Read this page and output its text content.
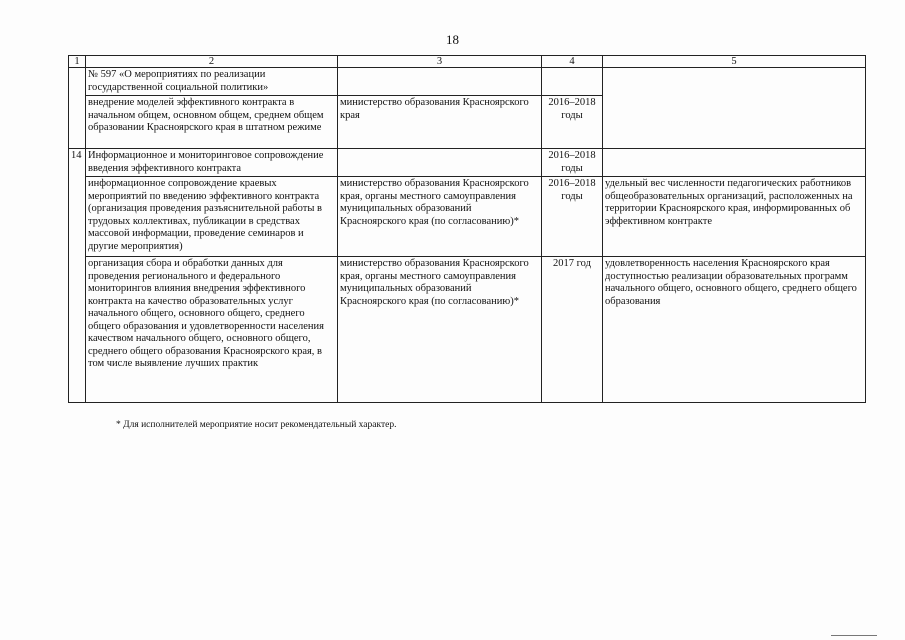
18
1	2	3	4	5
	№ 597 «О мероприятиях по реализации государственной социальной политики»			
	внедрение моделей эффективного контракта в начальном общем, основном общем, среднем общем образовании Красноярского края в штатном режиме	министерство образования Красноярского края	2016–2018 годы	
14	Информационное и мониторинговое сопровождение введения эффективного контракта		2016–2018 годы	
	информационное сопровождение краевых мероприятий по введению эффективного контракта (организация проведения разъяснительной работы в трудовых коллективах, публикации в средствах массовой информации, проведение семинаров и другие мероприятия)	министерство образования Красноярского края, органы местного самоуправления муниципальных образований Красноярского края (по согласованию)*	2016–2018 годы	удельный вес численности педагогических работников общеобразовательных организаций, расположенных на территории Красноярского края, информированных об эффективном контракте
	организация сбора и обработки данных для проведения регионального и федерального мониторингов влияния внедрения эффективного контракта на качество образовательных услуг начального общего, основного общего, среднего общего образования и удовлетворенности населения качеством начального общего, основного общего, среднего общего образования Красноярского края, в том числе выявление лучших практик	министерство образования Красноярского края, органы местного самоуправления муниципальных образований Красноярского края (по согласованию)*	2017 год	удовлетворенность населения Красноярского края доступностью реализации образовательных программ начального общего, основного общего, среднего общего образования
* Для исполнителей мероприятие носит рекомендательный характер.
